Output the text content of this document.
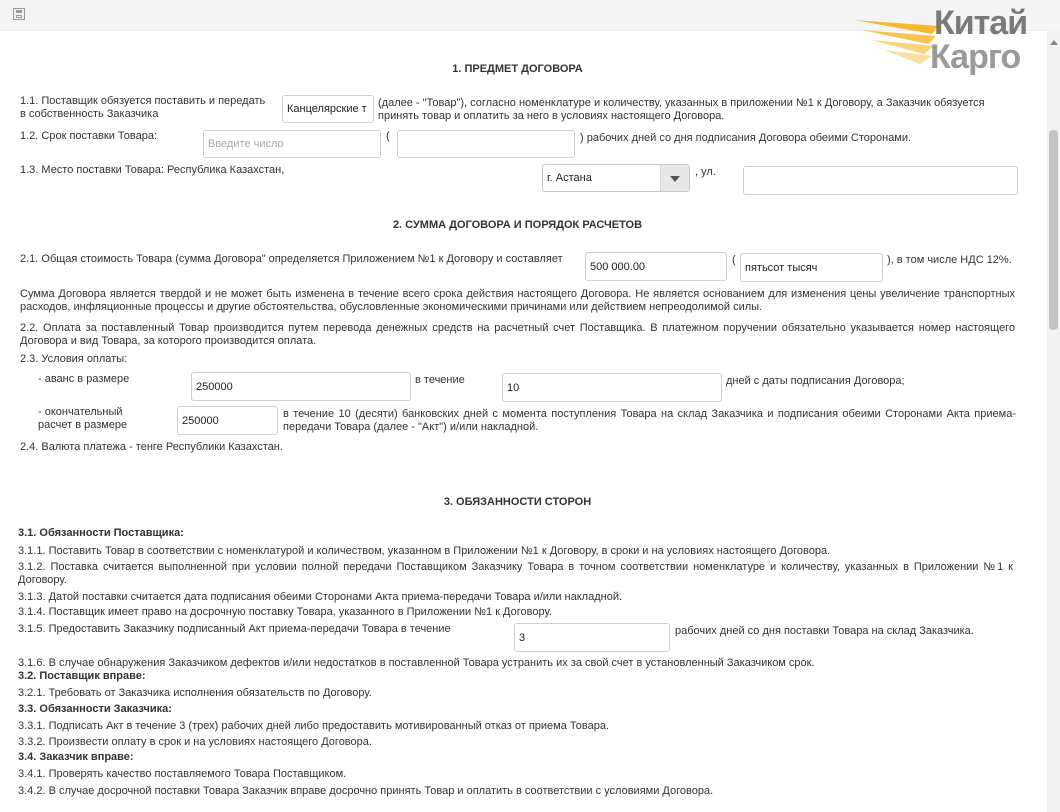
Китай
Карго
1. ПРЕДМЕТ ДОГОВОРА
1.1. Поставщик обязуется поставить и передать в собственность Заказчика
Канцелярские т
(далее - "Товар"), согласно номенклатуре и количеству, указанных в приложении №1 к Договору, а Заказчик обязуется принять товар и оплатить за него в условиях настоящего Договора.
1.2. Срок поставки Товара:
Введите число	(	) рабочих дней со дня подписания Договора обеими Сторонами.
1.3. Место поставки Товара: Республика Казахстан,
г. Астана	, ул.
2. СУММА ДОГОВОРА И ПОРЯДОК РАСЧЕТОВ
2.1. Общая стоимость Товара (сумма Договора" определяется Приложением №1 к Договору и составляет
500 000.00	(
пятьсот тысяч	), в том числе НДС 12%.
Сумма Договора является твердой и не может быть изменена в течение всего срока действия настоящего Договора. Не является основанием для изменения цены увеличение транспортных расходов, инфляционные процессы и другие обстоятельства, обусловленные экономическими причинами или действием непреодолимой силы.
2.2. Оплата за поставленный Товар производится путем перевода денежных средств на расчетный счет Поставщика. В платежном поручении обязательно указывается номер настоящего Договора и вид Товара, за которого производится оплата.
2.3. Условия оплаты:
- аванс в размере
250000	в течение
10	дней с даты подписания Договора;
- окончательный расчет в размере
250000
в течение 10 (десяти) банковских дней с момента поступления Товара на склад Заказчика и подписания обеими Сторонами Акта приема-передачи Товара (далее - "Акт") и/или накладной.
2.4. Валюта платежа - тенге Республики Казахстан.
3. ОБЯЗАННОСТИ СТОРОН
3.1. Обязанности Поставщика:
3.1.1. Поставить Товар в соответствии с номенклатурой и количеством, указанном в Приложении №1 к Договору, в сроки и на условиях настоящего Договора.
3.1.2. Поставка считается выполненной при условии полной передачи Поставщиком Заказчику Товара в точном соответствии номенклатуре и количеству, указанных в Приложении №1 к Договору.
3.1.3. Датой поставки считается дата подписания обеими Сторонами Акта приема-передачи Товара и/или накладной.
3.1.4. Поставщик имеет право на досрочную поставку Товара, указанного в Приложении №1 к Договору.
3.1.5. Предоставить Заказчику подписанный Акт приема-передачи Товара в течение
3	рабочих дней со дня поставки Товара на склад Заказчика.
3.1.6. В случае обнаружения Заказчиком дефектов и/или недостатков в поставленной Товара устранить их за свой счет в установленный Заказчиком срок.
3.2. Поставщик вправе:
3.2.1. Требовать от Заказчика исполнения обязательств по Договору.
3.3. Обязанности Заказчика:
3.3.1. Подписать Акт в течение 3 (трех) рабочих дней либо предоставить мотивированный отказ от приема Товара.
3.3.2. Произвести оплату в срок и на условиях настоящего Договора.
3.4. Заказчик вправе:
3.4.1. Проверять качество поставляемого Товара Поставщиком.
3.4.2. В случае досрочной поставки Товара Заказчик вправе досрочно принять Товар и оплатить в соответствии с условиями Договора.
